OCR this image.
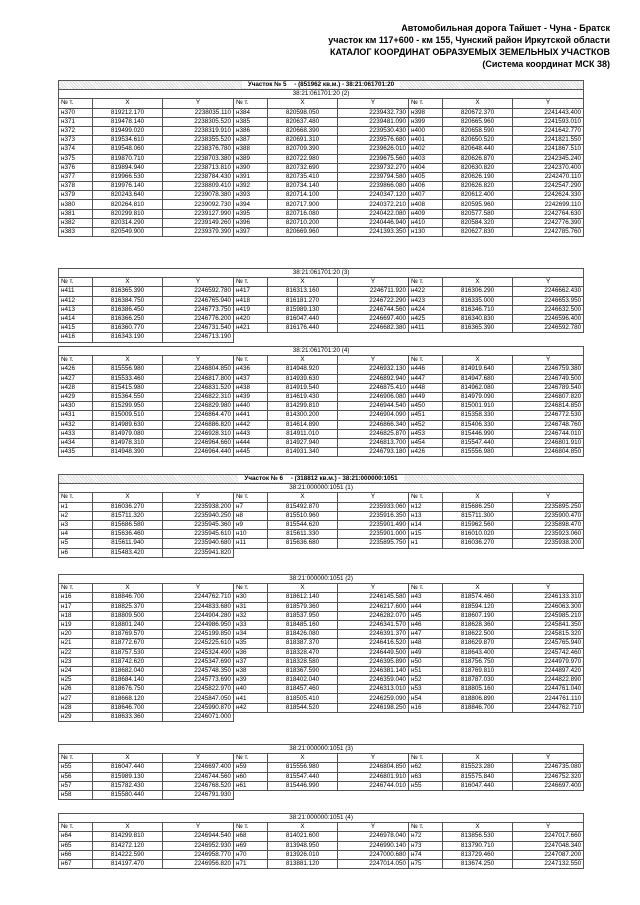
Автомобильная дорога Тайшет - Чуна - Братск
участок км 117+600 - км 155, Чунский район Иркутской области
КАТАЛОГ КООРДИНАТ ОБРАЗУЕМЫХ ЗЕМЕЛЬНЫХ УЧАСТКОВ
(Система координат МСК 38)
Участок № 5 - (851962 кв.м.) - 38:21:061701:20								
38:21:061701:20 (2)								
№ т.	X	Y	№ т.	X	Y	№ т.	X	Y
н370	819212.170	2238035.110	н384	820598.050	2239432.730	н398	820672.370	2241443.400
н371	819478.140	2238305.520	н385	820637.480	2239481.090	н399	820665.960	2241593.010
н372	819499.020	2238319.910	н386	820668.390	2239530.430	н400	820658.590	2241642.770
н373	819534.610	2238355.520	н387	820691.310	2239576.680	н401	820650.520	2241821.550
н374	819548.060	2238376.780	н388	820709.390	2239626.010	н402	820648.440	2241867.510
н375	819870.710	2238703.380	н389	820722.980	2239675.560	н403	820626.870	2242345.240
н376	819894.940	2238713.810	н390	820732.690	2239732.270	н404	820630.820	2242370.400
н377	819966.530	2238784.430	н391	820735.410	2239794.580	н405	820626.190	2242470.110
н378	819976.140	2238809.410	н392	820734.140	2239866.080	н406	820626.820	2242547.290
н379	820243.640	2239078.380	н393	820714.100	2240347.120	н407	820612.400	2242624.330
н380	820264.810	2239092.730	н394	820717.900	2240372.210	н408	820595.960	2242699.110
н381	820299.810	2239127.990	н395	820716.080	2240422.080	н409	820577.580	2242764.630
н382	820314.290	2239149.260	н396	820710.200	2240446.940	н410	820584.320	2242776.390
н383	820549.900	2239379.390	н397	820669.960	2241393.350	н130	820627.830	2242785.760
38:21:061701:20 (3)									
№ т.	X	Y	№ т.	X	Y	№ т.	X	Y	
н411	816365.390	2246592.780	н417	816313.160	2246711.920	н422	816306.290	2246662.430	
н412	816384.750	2246765.940	н418	816181.270	2246722.290	н423	816335.000	2246653.950	
н413	816386.450	2246773.750	н419	815989.130	2246744.560	н424	816346.710	2246632.500	
н414	816366.250	2246776.200	н420	816047.440	2246697.400	н425	816340.830	2246596.400	
н415	816360.770	2246731.540	н421	816176.440	2246682.380	н411	816365.390	2246592.780	
н416	816343.190	2246713.190							
38:21:061701:20 (4)								
№ т.	X	Y	№ т.	X	Y	№ т.	X	Y
н426	815556.980	2246804.850	н436	814948.920	2246932.130	н446	814919.640	2246759.380
н427	815533.460	2246817.800	н437	814939.630	2246892.940	н447	814947.680	2246749.500
н428	815415.980	2246831.520	н438	814919.540	2246875.410	н448	814962.080	2246789.540
н429	815364.550	2246822.310	н439	814619.430	2246906.080	н449	814979.090	2246807.820
н430	815299.950	2246829.980	н440	814299.810	2246944.540	н450	815001.910	2246814.850
н431	815009.510	2246864.470	н441	814300.200	2246904.090	н451	815358.330	2246772.530
н432	814989.630	2246886.820	н442	814614.890	2246866.340	н452	815406.330	2246748.760
н433	814979.080	2246928.310	н443	814911.010	2246825.870	н453	815446.990	2246744.010
н434	814978.310	2246964.660	н444	814927.940	2246813.700	н454	815547.440	2246801.910
н435	814948.390	2246964.440	н445	814931.340	2246793.180	н426	815556.980	2246804.850
Участок № 6 - (318812 кв.м.) - 38:21:000000:1051									
38:21:000000:1051 (1)									
№ т.	X	Y	№ т.	X	Y	№ т.	X	Y	
н1	816036.270	2235938.200	н7	815492.870	2235933.060	н12	815686.250	2235895.250	
н2	815711.320	2235940.250	н8	815510.960	2235916.350	н13	815711.300	2235900.470	
н3	815686.580	2235945.360	н9	815544.620	2235901.490	н14	815962.560	2235898.470	
н4	815636.460	2235945.610	н10	815611.330	2235901.000	н15	816010.020	2235923.060	
н5	815611.940	2235940.680	н11	815636.680	2235895.750	н1	816036.270	2235938.200	
н6	815483.420	2235941.820							
38:21:000000:1051 (2)									
№ т.	X	Y	№ т.	X	Y	№ т.	X	Y	
н16	818846.700	2244762.710	н30	818612.140	2246145.580	н43	818574.460	2246133.310	
н17	818825.370	2244833.680	н31	818579.360	2246217.600	н44	818594.120	2246063.300	
н18	818809.500	2244904.280	н32	818537.950	2246282.070	н45	818607.190	2245985.210	
н19	818801.240	2244986.950	н33	818485.160	2246341.570	н46	818628.360	2245841.350	
н20	818769.570	2245199.850	н34	818426.080	2246391.370	н47	818622.500	2245815.320	
н21	818772.670	2245225.610	н35	818387.370	2246416.520	н48	818629.870	2245765.940	
н22	818757.530	2245324.490	н36	818328.470	2246449.500	н49	818643.400	2245742.460	
н23	818742.620	2245347.690	н37	818328.580	2246395.890	н50	818756.750	2244979.970	
н24	818682.040	2245748.350	н38	818367.590	2246381.140	н51	818769.810	2244897.420	
н25	818684.140	2245773.690	н39	818402.040	2246359.040	н52	818787.030	2244822.890	
н26	818676.750	2245822.970	н40	818457.460	2246313.010	н53	818805.160	2244761.040	
н27	818668.120	2245847.050	н41	818505.410	2246259.090	н54	818806.890	2244761.110	
н28	818646.700	2245990.870	н42	818544.520	2246198.250	н16	818846.700	2244762.710	
н29	818633.360	2246071.000							
38:21:000000:1051 (3)									
№ т.	X	Y	№ т.	X	Y	№ т.	X	Y	
н55	816047.440	2246697.400	н59	815556.980	2246804.850	н62	815523.280	2246735.080	
н56	815989.130	2246744.560	н60	815547.440	2246801.910	н63	815575.840	2246752.320	
н57	815782.430	2246768.520	н61	815446.990	2246744.010	н55	816047.440	2246697.400	
н58	815580.440	2246791.930							
38:21:000000:1051 (4)								
№ т.	X	Y	№ т.	X	Y	№ т.	X	Y
н64	814299.810	2246944.540	н68	814021.600	2246978.040	н72	813856.530	2247017.660
н65	814272.120	2246952.930	н69	813948.950	2246990.140	н73	813790.710	2247048.340
н66	814222.590	2246958.770	н70	813926.010	2247000.680	н74	813729.460	2247087.200
н67	814197.470	2246956.820	н71	813881.120	2247014.050	н75	813674.250	2247132.550
